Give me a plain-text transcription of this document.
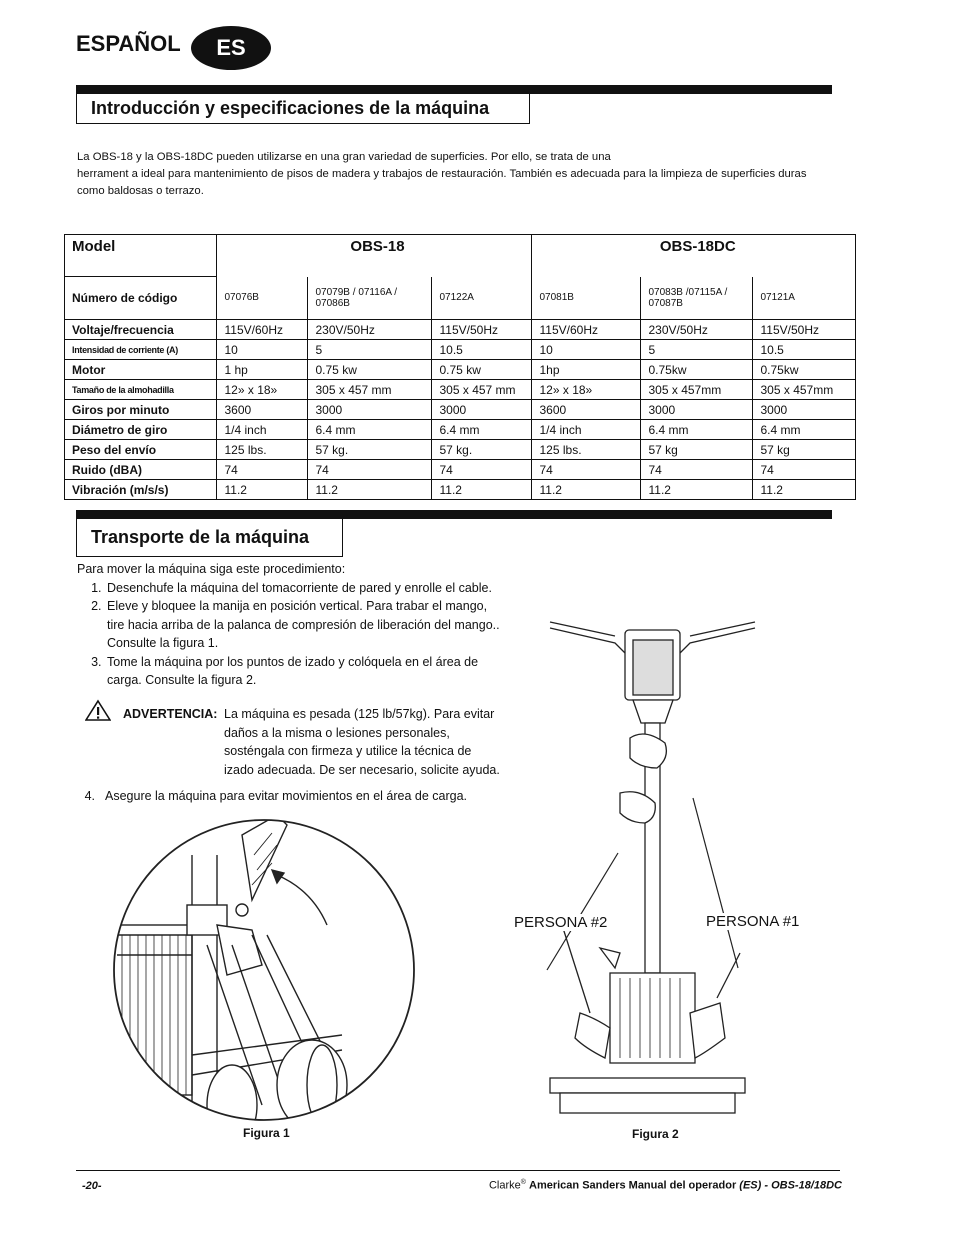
ESPAÑOL	ES
Introducción y especificaciones de la máquina
La OBS-18 y la OBS-18DC pueden utilizarse en una gran variedad de superficies. Por ello, se trata de una
herrament a ideal para mantenimiento de pisos de madera y trabajos de restauración. También es adecuada para la limpieza de superficies duras
como baldosas o terrazo.
Model	OBS-18			OBS-18DC		
Número de código	07076B	07079B / 07116A / 07086B	07122A	07081B	07083B /07115A / 07087B	07121A
Voltaje/frecuencia	115V/60Hz	230V/50Hz	115V/50Hz	115V/60Hz	230V/50Hz	115V/50Hz
Intensidad de corriente (A)	10	5	10.5	10	5	10.5
Motor	1 hp	0.75 kw	0.75 kw	1hp	0.75kw	0.75kw
Tamaño de la almohadilla	12» x 18»	305 x 457 mm	305 x 457 mm	12» x 18»	305 x 457mm	305 x 457mm
Giros por minuto	3600	3000	3000	3600	3000	3000
Diámetro de giro	1/4 inch	6.4 mm	6.4 mm	1/4 inch	6.4 mm	6.4 mm
Peso del envío	125 lbs.	57 kg.	57 kg.	125 lbs.	57 kg	57 kg
Ruido (dBA)	74	74	74	74	74	74
Vibración (m/s/s)	11.2	11.2	11.2	11.2	11.2	11.2
Transporte de la máquina
Para mover la máquina siga este procedimiento:
1. Desenchufe la máquina del tomacorriente de pared y enrolle el cable.
2. Eleve y bloquee la manija en posición vertical. Para trabar el mango, tire hacia arriba de la palanca de compresión de liberación del mango.. Consulte la figura 1.
3. Tome la máquina por los puntos de izado y colóquela en el área de carga. Consulte la figura 2.
ADVERTENCIA: La máquina es pesada (125 lb/57kg). Para evitar daños a la misma o lesiones personales, sosténgala con firmeza y utilice la técnica de izado adecuada. De ser necesario, solicite ayuda.
4. Asegure la máquina para evitar movimientos en el área de carga.
Figura 1
PERSONA #2	PERSONA #1
Figura 2
-20-	Clarke® American Sanders Manual del operador (ES) - OBS-18/18DC
